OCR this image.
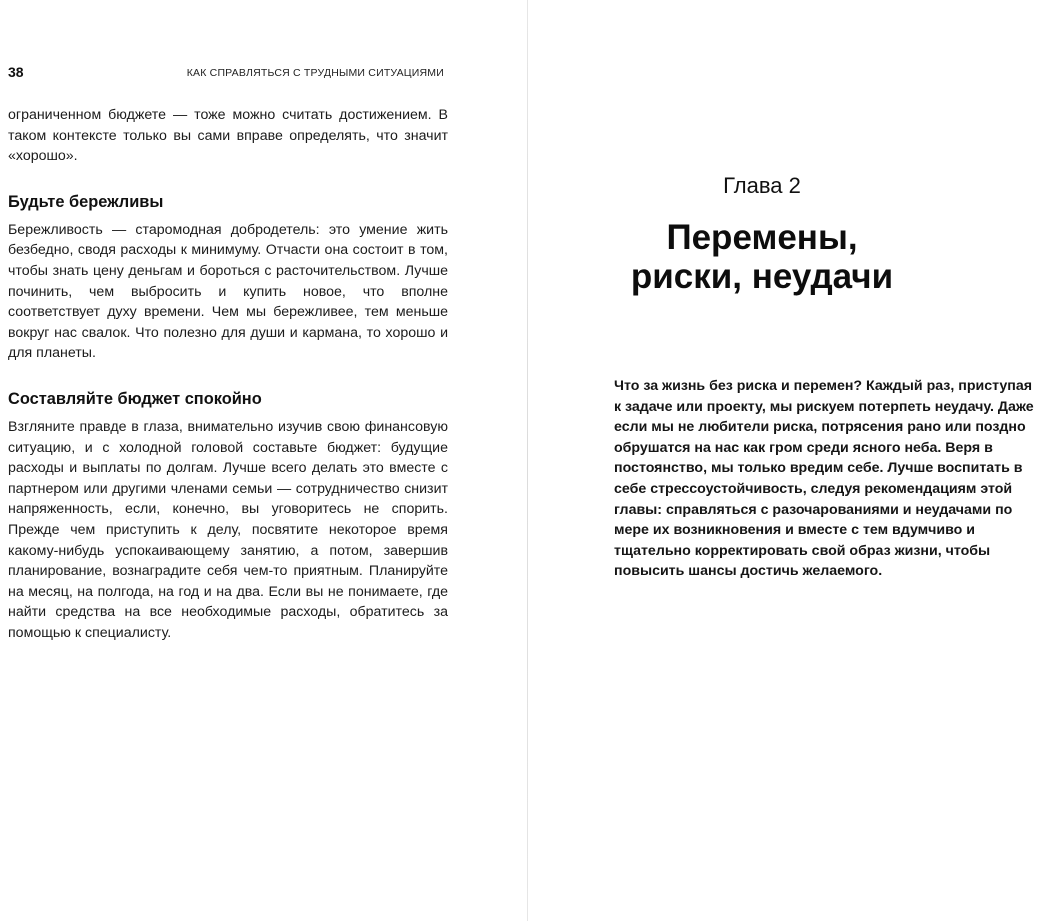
38	КАК СПРАВЛЯТЬСЯ С ТРУДНЫМИ СИТУАЦИЯМИ

ограниченном бюджете — тоже можно считать достижением. В таком контексте только вы сами вправе определять, что значит «хорошо».

Будьте бережливы

Бережливость — старомодная добродетель: это умение жить безбедно, сводя расходы к минимуму. Отчасти она состоит в том, чтобы знать цену деньгам и бороться с расточительством. Лучше починить, чем выбросить и купить новое, что вполне соответствует духу времени. Чем мы бережливее, тем меньше вокруг нас свалок. Что полезно для души и кармана, то хорошо и для планеты.

Составляйте бюджет спокойно

Взгляните правде в глаза, внимательно изучив свою финансовую ситуацию, и с холодной головой составьте бюджет: будущие расходы и выплаты по долгам. Лучше всего делать это вместе с партнером или другими членами семьи — сотрудничество снизит напряженность, если, конечно, вы уговоритесь не спорить. Прежде чем приступить к делу, посвятите некоторое время какому-нибудь успокаивающему занятию, а потом, завершив планирование, вознаградите себя чем-то приятным. Планируйте на месяц, на полгода, на год и на два. Если вы не понимаете, где найти средства на все необходимые расходы, обратитесь за помощью к специалисту.

Глава 2
Перемены,
риски, неудачи

Что за жизнь без риска и перемен? Каждый раз, приступая к задаче или проекту, мы рискуем потерпеть неудачу. Даже если мы не любители риска, потрясения рано или поздно обрушатся на нас как гром среди ясного неба. Веря в постоянство, мы только вредим себе. Лучше воспитать в себе стрессоустойчивость, следуя рекомендациям этой главы: справляться с разочарованиями и неудачами по мере их возникновения и вместе с тем вдумчиво и тщательно корректировать свой образ жизни, чтобы повысить шансы достичь желаемого.
